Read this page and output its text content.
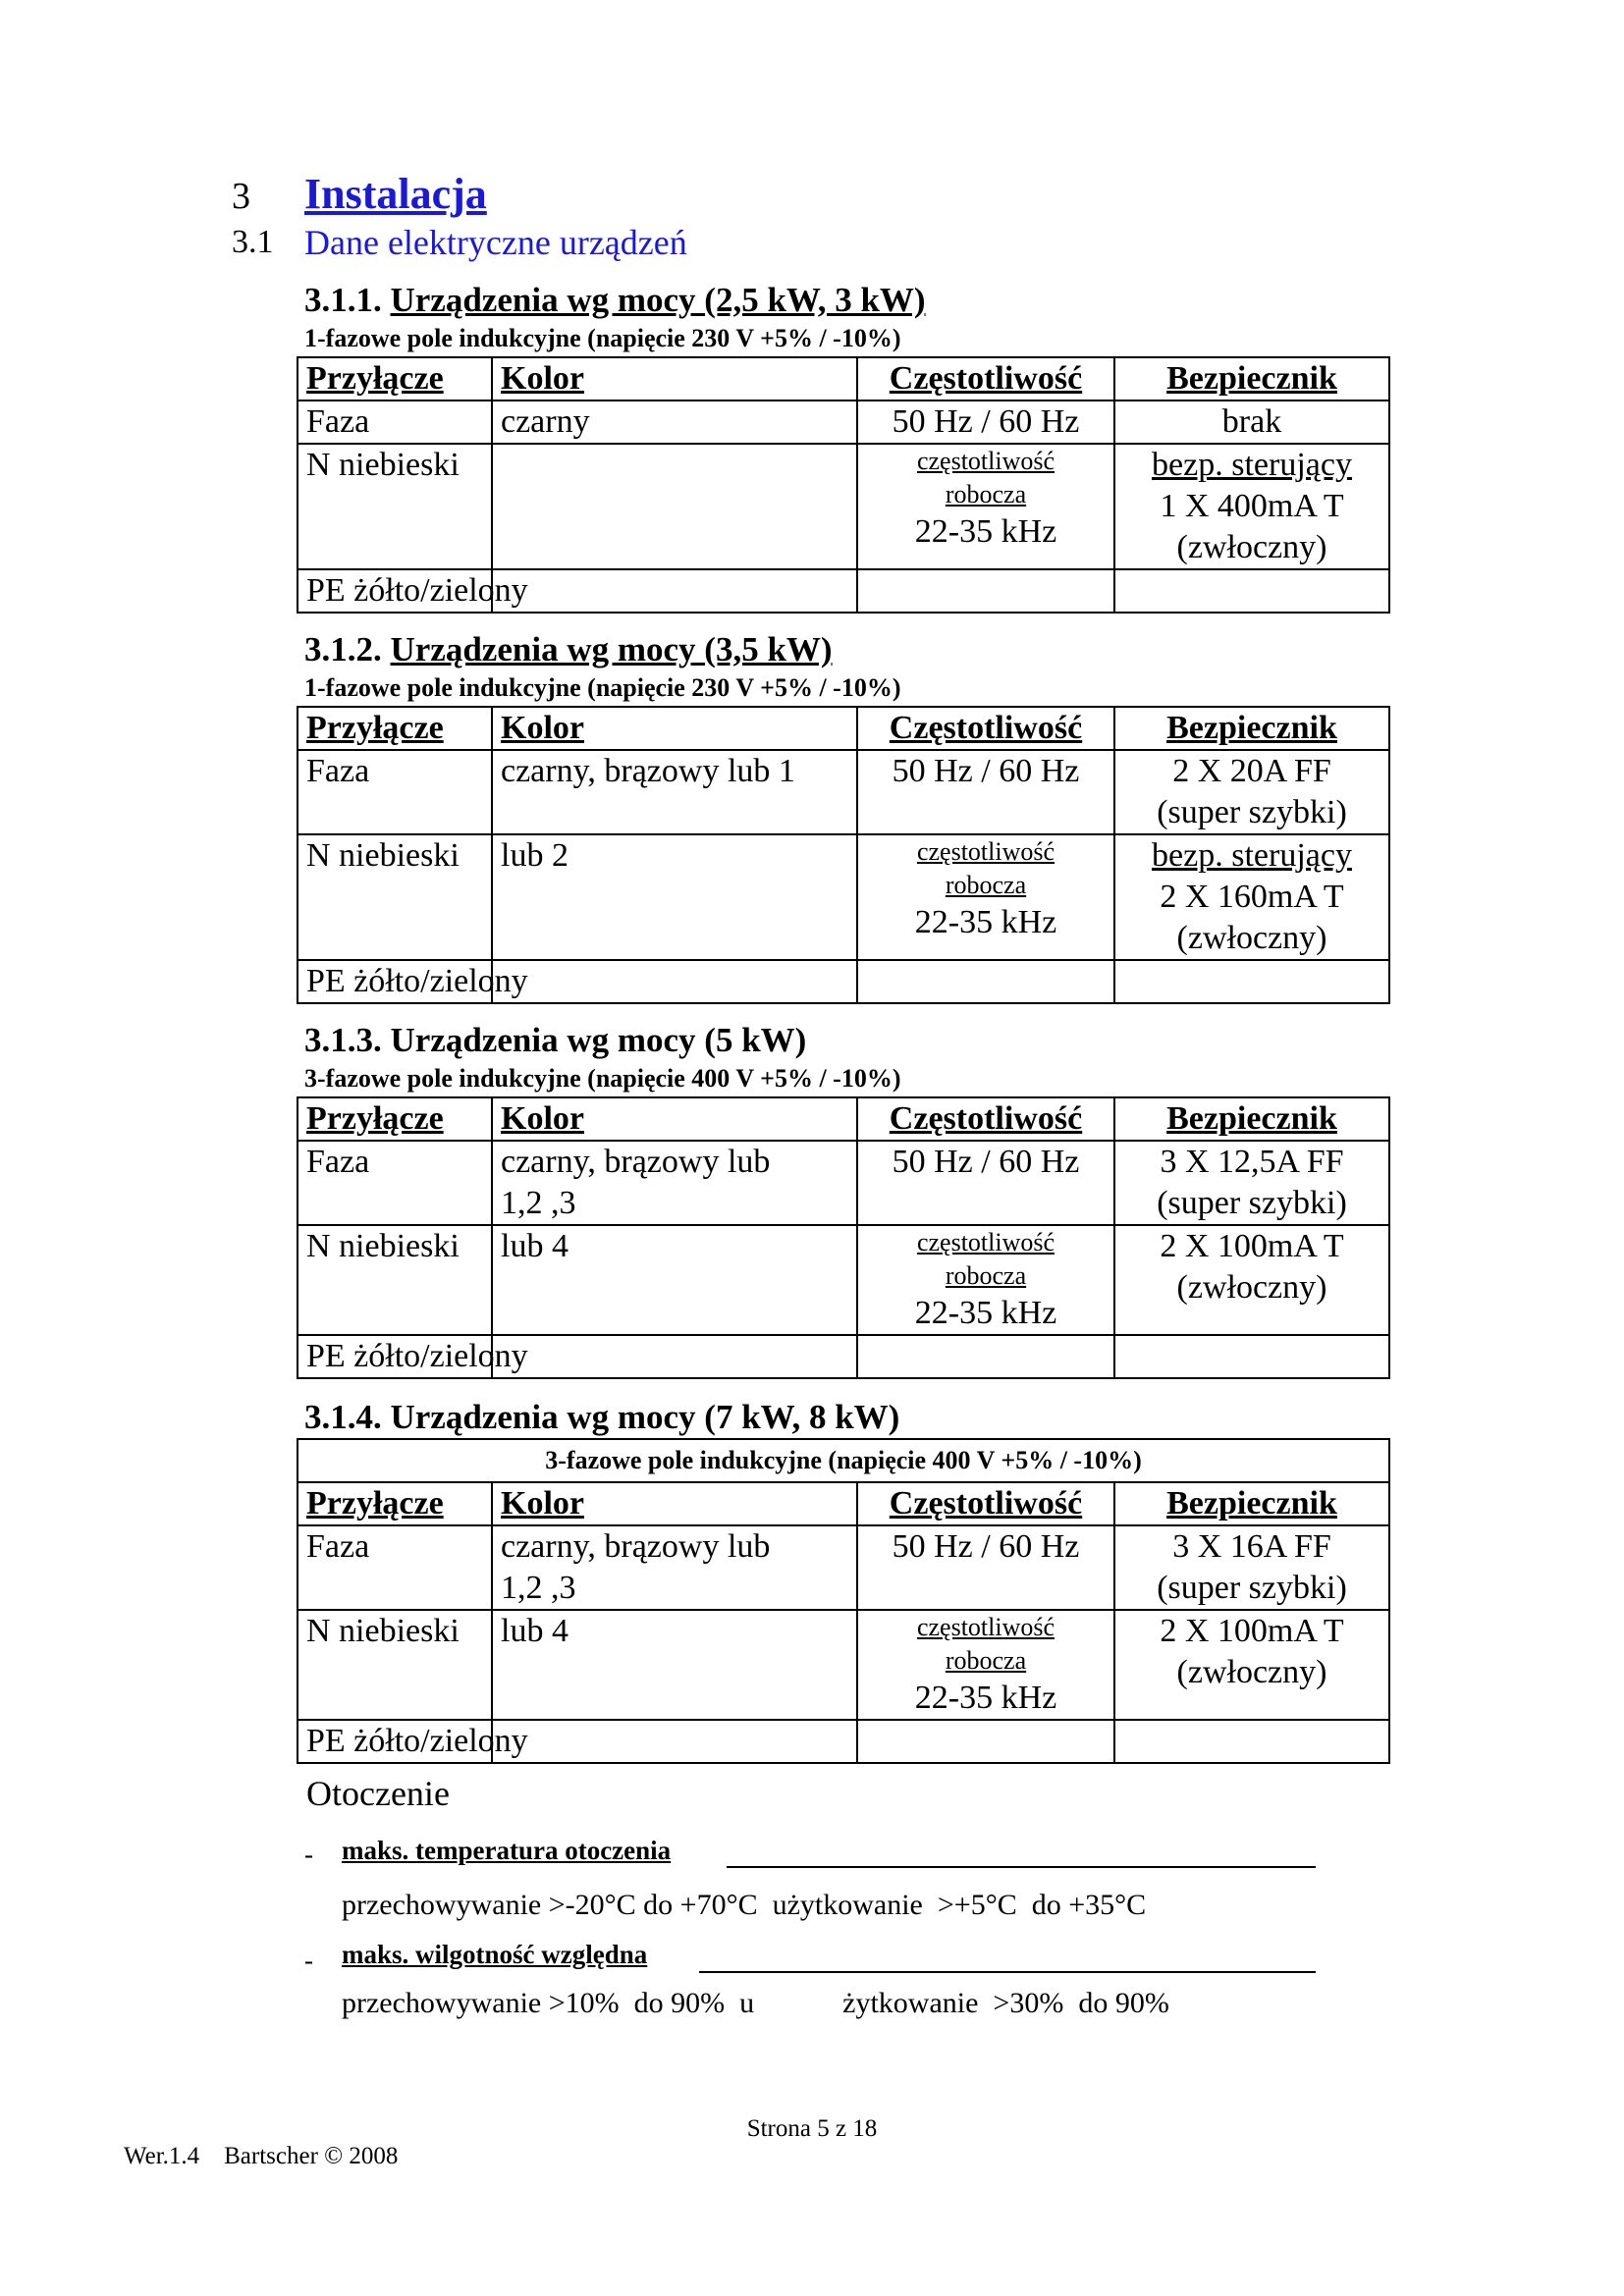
3 Instalacja
3.1 Dane elektryczne urządzeń
3.1.1. Urządzenia wg mocy (2,5 kW, 3 kW)
1-fazowe pole indukcyjne (napięcie 230 V +5% / -10%)
Przyłącze	Kolor	Częstotliwość	Bezpiecznik
Faza	czarny	50 Hz / 60 Hz	brak
N niebieski		częstotliwość
robocza
22-35 kHz	bezp. sterujący
1 X 400mA T
(zwłoczny)

PE żółto/zielony			

3.1.2. Urządzenia wg mocy (3,5 kW)
1-fazowe pole indukcyjne (napięcie 230 V +5% / -10%)
Przyłącze	Kolor	Częstotliwość	Bezpiecznik
Faza	czarny, brązowy lub 1	50 Hz / 60 Hz	2 X 20A FF
(super szybki)

N niebieski	lub 2	częstotliwość
robocza
22-35 kHz	bezp. sterujący
2 X 160mA T
(zwłoczny)

PE żółto/zielony			

3.1.3. Urządzenia wg mocy (5 kW)
3-fazowe pole indukcyjne (napięcie 400 V +5% / -10%)
Przyłącze	Kolor	Częstotliwość	Bezpiecznik
Faza	czarny, brązowy lub
1,2 ,3	50 Hz / 60 Hz	3 X 12,5A FF
(super szybki)

N niebieski	lub 4	częstotliwość
robocza
22-35 kHz	2 X 100mA T
(zwłoczny)

PE żółto/zielony			

3.1.4. Urządzenia wg mocy (7 kW, 8 kW)
3-fazowe pole indukcyjne (napięcie 400 V +5% / -10%)			
Przyłącze	Kolor	Częstotliwość	Bezpiecznik
Faza	czarny, brązowy lub
1,2 ,3	50 Hz / 60 Hz	3 X 16A FF
(super szybki)

N niebieski	lub 4	częstotliwość
robocza
22-35 kHz	2 X 100mA T
(zwłoczny)

PE żółto/zielony			

Otoczenie
- maks. temperatura otoczenia
przechowywanie >-20°C do +70°C  użytkowanie  >+5°C  do +35°C
- maks. wilgotność względna
przechowywanie >10%  do 90%  u            żytkowanie  >30%  do 90%
Strona 5 z 18
Wer.1.4    Bartscher © 2008
